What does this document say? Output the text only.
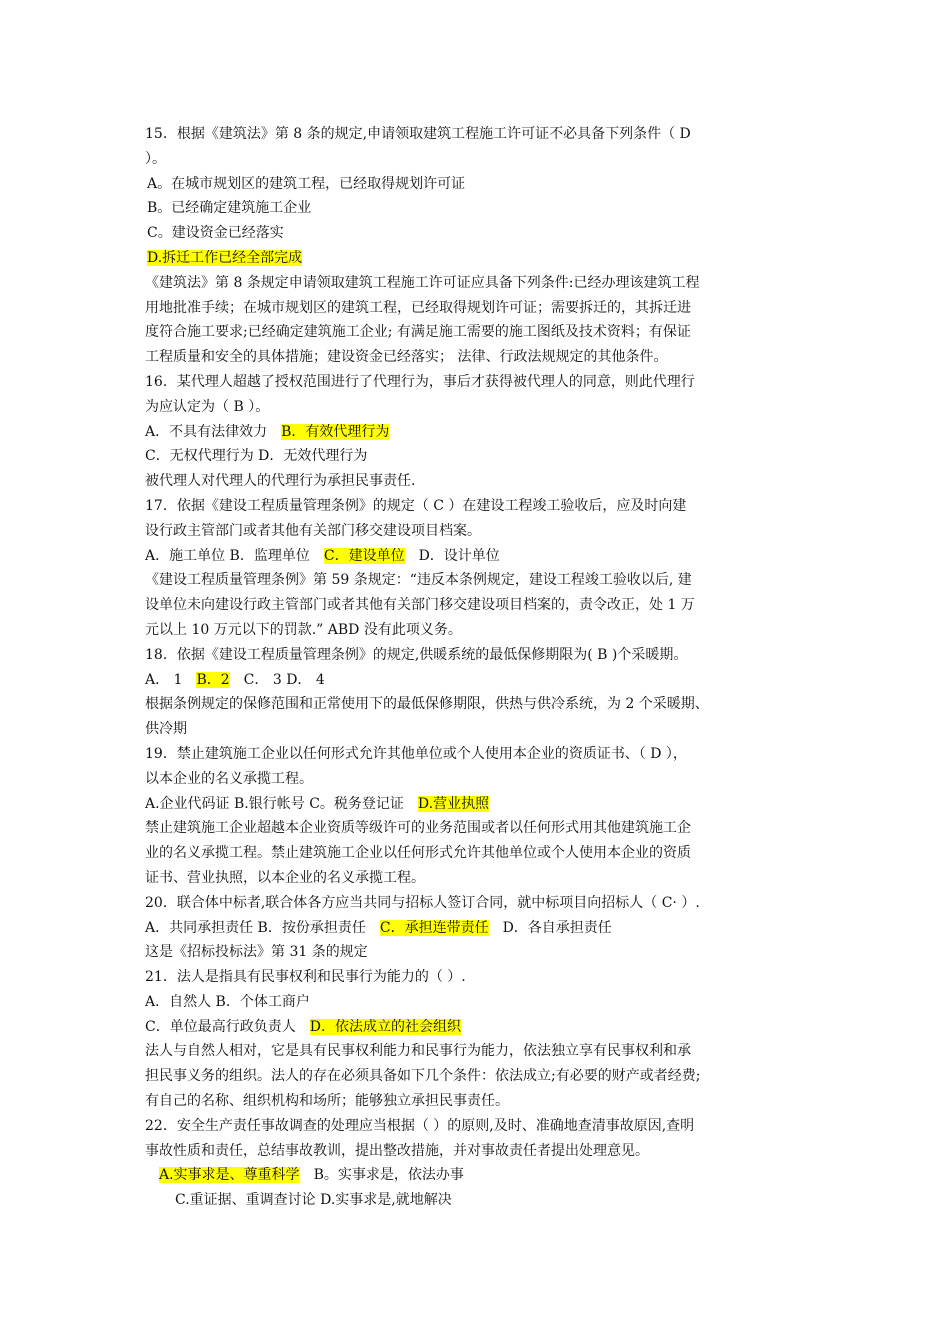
15．根据《建筑法》第 8 条的规定,申请领取建筑工程施工许可证不必具备下列条件（ D
）。
A。在城市规划区的建筑工程，已经取得规划许可证
B。已经确定建筑施工企业
C。建设资金已经落实
D.拆迁工作已经全部完成
《建筑法》第 8 条规定申请领取建筑工程施工许可证应具备下列条件:已经办理该建筑工程
用地批准手续；在城市规划区的建筑工程，已经取得规划许可证；需要拆迁的，其拆迁进
度符合施工要求;已经确定建筑施工企业; 有满足施工需要的施工图纸及技术资料；有保证
工程质量和安全的具体措施；建设资金已经落实； 法律、行政法规规定的其他条件。
16．某代理人超越了授权范围进行了代理行为，事后才获得被代理人的同意，则此代理行
为应认定为（ B ）。
A．不具有法律效力 B．有效代理行为
C．无权代理行为 D．无效代理行为
被代理人对代理人的代理行为承担民事责任.
17．依据《建设工程质量管理条例》的规定（ C ）在建设工程竣工验收后，应及时向建
设行政主管部门或者其他有关部门移交建设项目档案。
A．施工单位 B．监理单位 C．建设单位 D．设计单位
《建设工程质量管理条例》第 59 条规定：“违反本条例规定，建设工程竣工验收以后, 建
设单位未向建设行政主管部门或者其他有关部门移交建设项目档案的，责令改正，处 1 万
元以上 10 万元以下的罚款.” ABD 没有此项义务。
18．依据《建设工程质量管理条例》的规定,供暖系统的最低保修期限为( B )个采暖期。
A． 1 B．2 C． 3 D． 4
根据条例规定的保修范围和正常使用下的最低保修期限，供热与供冷系统，为 2 个采暖期、
供冷期
19．禁止建筑施工企业以任何形式允许其他单位或个人使用本企业的资质证书、（ D ），
以本企业的名义承揽工程。
A.企业代码证 B.银行帐号 C。税务登记证 D.营业执照
禁止建筑施工企业超越本企业资质等级许可的业务范围或者以任何形式用其他建筑施工企
业的名义承揽工程。禁止建筑施工企业以任何形式允许其他单位或个人使用本企业的资质
证书、营业执照，以本企业的名义承揽工程。
20．联合体中标者,联合体各方应当共同与招标人签订合同，就中标项目向招标人（ C· ）.
A．共同承担责任 B．按份承担责任 C．承担连带责任 D．各自承担责任
这是《招标投标法》第 31 条的规定
21．法人是指具有民事权利和民事行为能力的（ ）.
A．自然人 B．个体工商户
C．单位最高行政负责人 D．依法成立的社会组织
法人与自然人相对，它是具有民事权利能力和民事行为能力，依法独立享有民事权利和承
担民事义务的组织。法人的存在必须具备如下几个条件：依法成立;有必要的财产或者经费;
有自己的名称、组织机构和场所；能够独立承担民事责任。
22．安全生产责任事故调查的处理应当根据（ ）的原则,及时、准确地查清事故原因,查明
事故性质和责任，总结事故教训，提出整改措施，并对事故责任者提出处理意见。
A.实事求是、尊重科学 B。实事求是，依法办事
C.重证据、重调查讨论 D.实事求是,就地解决
